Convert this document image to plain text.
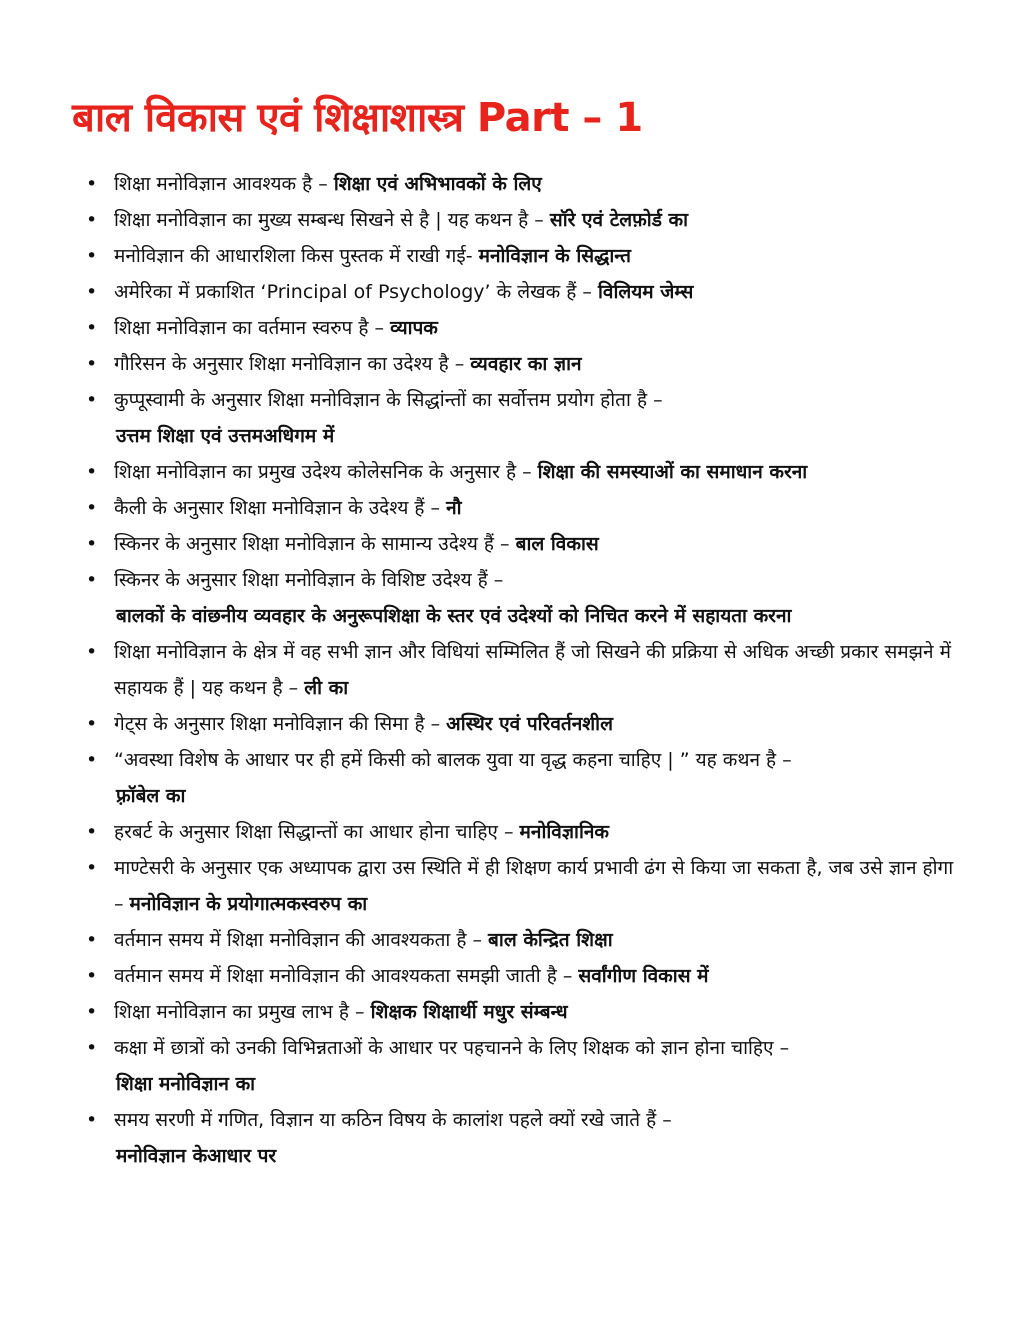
बाल विकास एवं शिक्षाशास्त्र Part – 1
• शिक्षा मनोविज्ञान आवश्यक है – शिक्षा एवं अभिभावकों के लिए
• शिक्षा मनोविज्ञान का मुख्य सम्बन्ध सिखने से है | यह कथन है – सॉरे एवं टेलफ़ोर्ड का
• मनोविज्ञान की आधारशिला किस पुस्तक में राखी गई- मनोविज्ञान के सिद्धान्त
• अमेरिका में प्रकाशित ‘Principal of Psychology’ के लेखक हैं – विलियम जेम्स
• शिक्षा मनोविज्ञान का वर्तमान स्वरुप है – व्यापक
• गौरिसन के अनुसार शिक्षा मनोविज्ञान का उदेश्य है – व्यवहार का ज्ञान
• कुप्पूस्वामी के अनुसार शिक्षा मनोविज्ञान के सिद्धांन्तों का सर्वोत्तम प्रयोग होता है –
उत्तम शिक्षा एवं उत्तमअधिगम में
• शिक्षा मनोविज्ञान का प्रमुख उदेश्य कोलेसनिक के अनुसार है – शिक्षा की समस्याओं का समाधान करना
• कैली के अनुसार शिक्षा मनोविज्ञान के उदेश्य हैं – नौ
• स्किनर के अनुसार शिक्षा मनोविज्ञान के सामान्य उदेश्य हैं – बाल विकास
• स्किनर के अनुसार शिक्षा मनोविज्ञान के विशिष्ट उदेश्य हैं –
बालकों के वांछनीय व्यवहार के अनुरूपशिक्षा के स्तर एवं उदेश्यों को निचित करने में सहायता करना
• शिक्षा मनोविज्ञान के क्षेत्र में वह सभी ज्ञान और विधियां सम्मिलित हैं जो सिखने की प्रक्रिया से अधिक अच्छी प्रकार समझने में सहायक हैं | यह कथन है – ली का
• गेट्स के अनुसार शिक्षा मनोविज्ञान की सिमा है – अस्थिर एवं परिवर्तनशील
• “अवस्था विशेष के आधार पर ही हमें किसी को बालक युवा या वृद्ध कहना चाहिए | ” यह कथन है –
फ़्रॉबेल का
• हरबर्ट के अनुसार शिक्षा सिद्धान्तों का आधार होना चाहिए – मनोविज्ञानिक
• माण्टेसरी के अनुसार एक अध्यापक द्वारा उस स्थिति में ही शिक्षण कार्य प्रभावी ढंग से किया जा सकता है, जब उसे ज्ञान होगा – मनोविज्ञान के प्रयोगात्मकस्वरुप का
• वर्तमान समय में शिक्षा मनोविज्ञान की आवश्यकता है – बाल केन्द्रित शिक्षा
• वर्तमान समय में शिक्षा मनोविज्ञान की आवश्यकता समझी जाती है – सर्वांगीण विकास में
• शिक्षा मनोविज्ञान का प्रमुख लाभ है – शिक्षक शिक्षार्थी मधुर संम्बन्ध
• कक्षा में छात्रों को उनकी विभिन्नताओं के आधार पर पहचानने के लिए शिक्षक को ज्ञान होना चाहिए –
शिक्षा मनोविज्ञान का
• समय सरणी में गणित, विज्ञान या कठिन विषय के कालांश पहले क्यों रखे जाते हैं –
मनोविज्ञान केआधार पर
